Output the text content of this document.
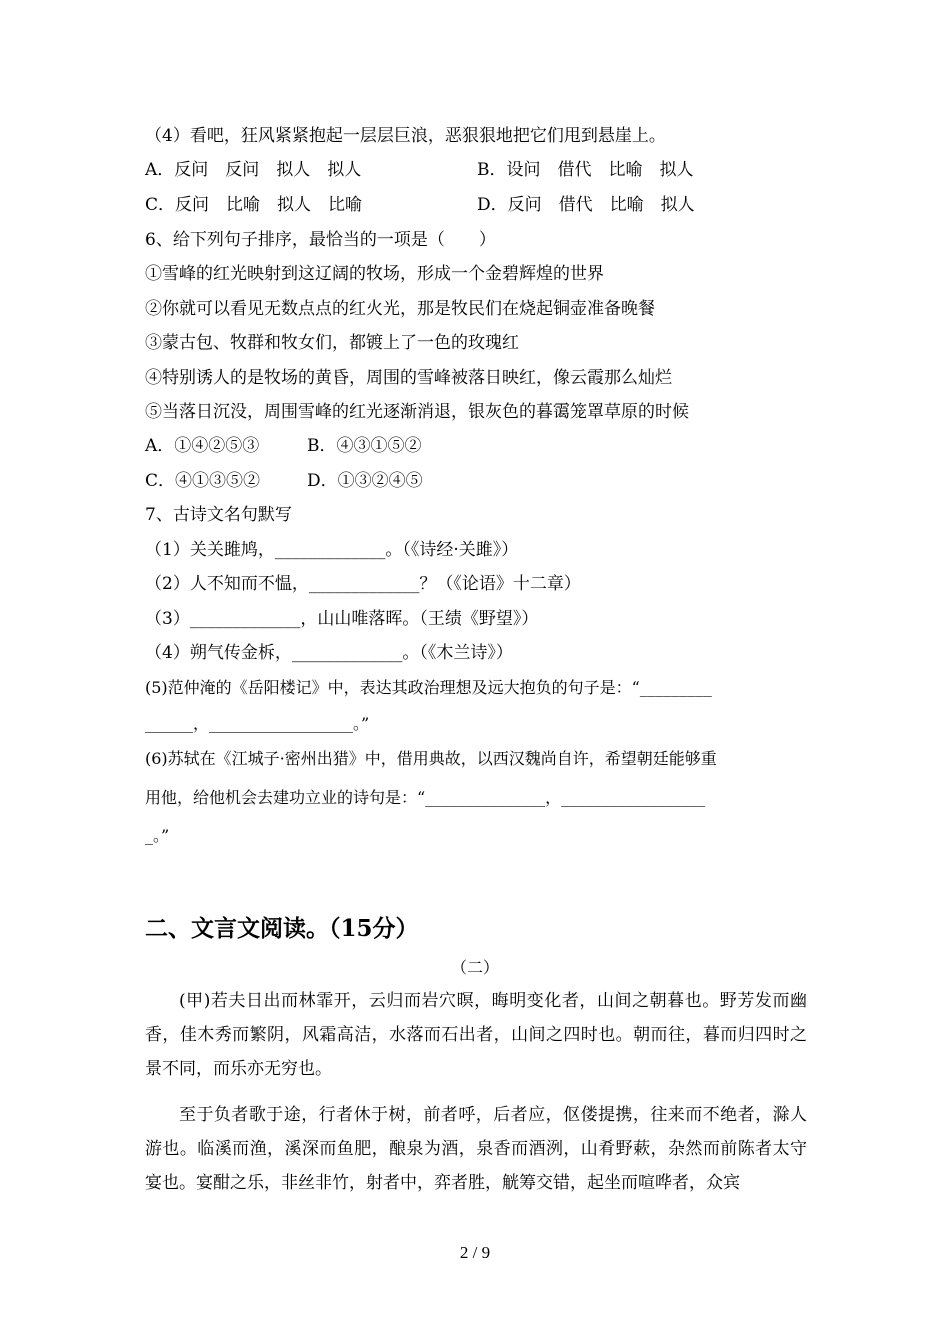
（4）看吧，狂风紧紧抱起一层层巨浪，恶狠狠地把它们甩到悬崖上。
A．反问　反问　拟人　拟人	B．设问　借代　比喻　拟人
C．反问　比喻　拟人　比喻	D．反问　借代　比喻　拟人
6、给下列句子排序，最恰当的一项是（　　）
①雪峰的红光映射到这辽阔的牧场，形成一个金碧辉煌的世界
②你就可以看见无数点点的红火光，那是牧民们在烧起铜壶准备晚餐
③蒙古包、牧群和牧女们，都镀上了一色的玫瑰红
④特别诱人的是牧场的黄昏，周围的雪峰被落日映红，像云霞那么灿烂
⑤当落日沉没，周围雪峰的红光逐渐消退，银灰色的暮霭笼罩草原的时候
A．①④②⑤③	B．④③①⑤②
C．④①③⑤②	D．①③②④⑤
7、古诗文名句默写
（1）关关雎鸠，_____________。（《诗经·关雎》）
（2）人不知而不愠，_____________？（《论语》十二章）
（3）_____________，山山唯落晖。（王绩《野望》）
（4）朔气传金柝，_____________。（《木兰诗》）
(5)范仲淹的《岳阳楼记》中，表达其政治理想及远大抱负的句子是：“_________
______，__________________。”
(6)苏轼在《江城子·密州出猎》中，借用典故，以西汉魏尚自许，希望朝廷能够重
用他，给他机会去建功立业的诗句是：“_______________，__________________
_。”
二、文言文阅读。（15分）
（二）
(甲)若夫日出而林霏开，云归而岩穴暝，晦明变化者，山间之朝暮也。野芳发而幽香，佳木秀而繁阴，风霜高洁，水落而石出者，山间之四时也。朝而往，暮而归四时之景不同，而乐亦无穷也。
至于负者歌于途，行者休于树，前者呼，后者应，伛偻提携，往来而不绝者，滁人游也。临溪而渔，溪深而鱼肥，酿泉为酒，泉香而酒洌，山肴野蔌，杂然而前陈者太守宴也。宴酣之乐，非丝非竹，射者中，弈者胜，觥筹交错，起坐而喧哗者，众宾
2 / 9
